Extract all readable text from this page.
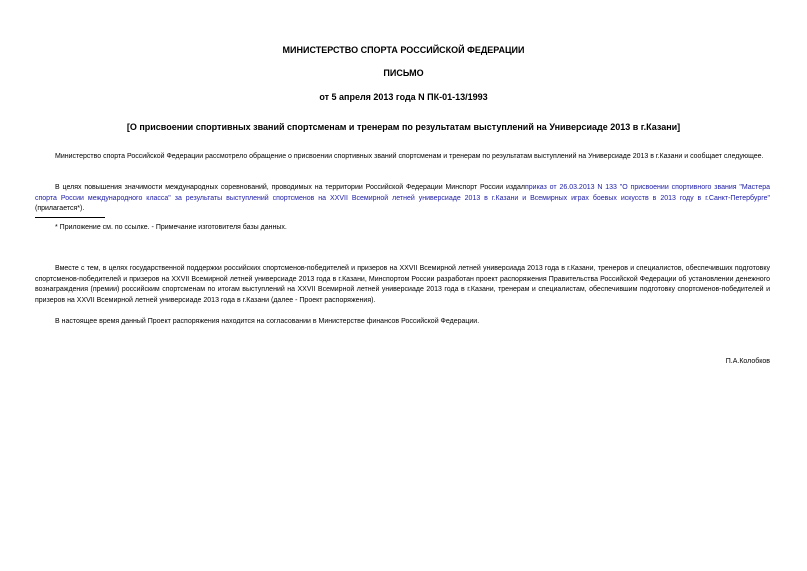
МИНИСТЕРСТВО СПОРТА РОССИЙСКОЙ ФЕДЕРАЦИИ
ПИСЬМО
от 5 апреля 2013 года N ПК-01-13/1993
[О присвоении спортивных званий спортсменам и тренерам по результатам выступлений на Универсиаде 2013 в г.Казани]

Министерство спорта Российской Федерации рассмотрело обращение о присвоении спортивных званий спортсменам и тренерам по результатам выступлений на Универсиаде 2013 в г.Казани и сообщает следующее.

В целях повышения значимости международных соревнований, проводимых на территории Российской Федерации Минспорт России издалприказ от 26.03.2013 N 133 "О присвоении спортивного звания "Мастера спорта России международного класса" за результаты выступлений спортсменов на XXVII Всемирной летней универсиаде 2013 в г.Казани и Всемирных играх боевых искусств в 2013 году в г.Санкт-Петербурге" (прилагается*).

* Приложение см. по ссылке. - Примечание изготовителя базы данных.

Вместе с тем, в целях государственной поддержки российских спортсменов-победителей и призеров на XXVII Всемирной летней универсиада 2013 года в г.Казани, тренеров и специалистов, обеспечивших подготовку спортсменов-победителей и призеров на XXVII Всемирной летней универсиаде 2013 года в г.Казани, Минспортом России разработан проект распоряжения Правительства Российской Федерации об установлении денежного вознаграждения (премии) российским спортсменам по итогам выступлений на XXVII Всемирной летней универсиаде 2013 года в г.Казани, тренерам и специалистам, обеспечившим подготовку спортсменов-победителей и призеров на XXVII Всемирной летней универсиаде 2013 года в г.Казани (далее - Проект распоряжения).

В настоящее время данный Проект распоряжения находится на согласовании в Министерстве финансов Российской Федерации.

П.А.Колобков
